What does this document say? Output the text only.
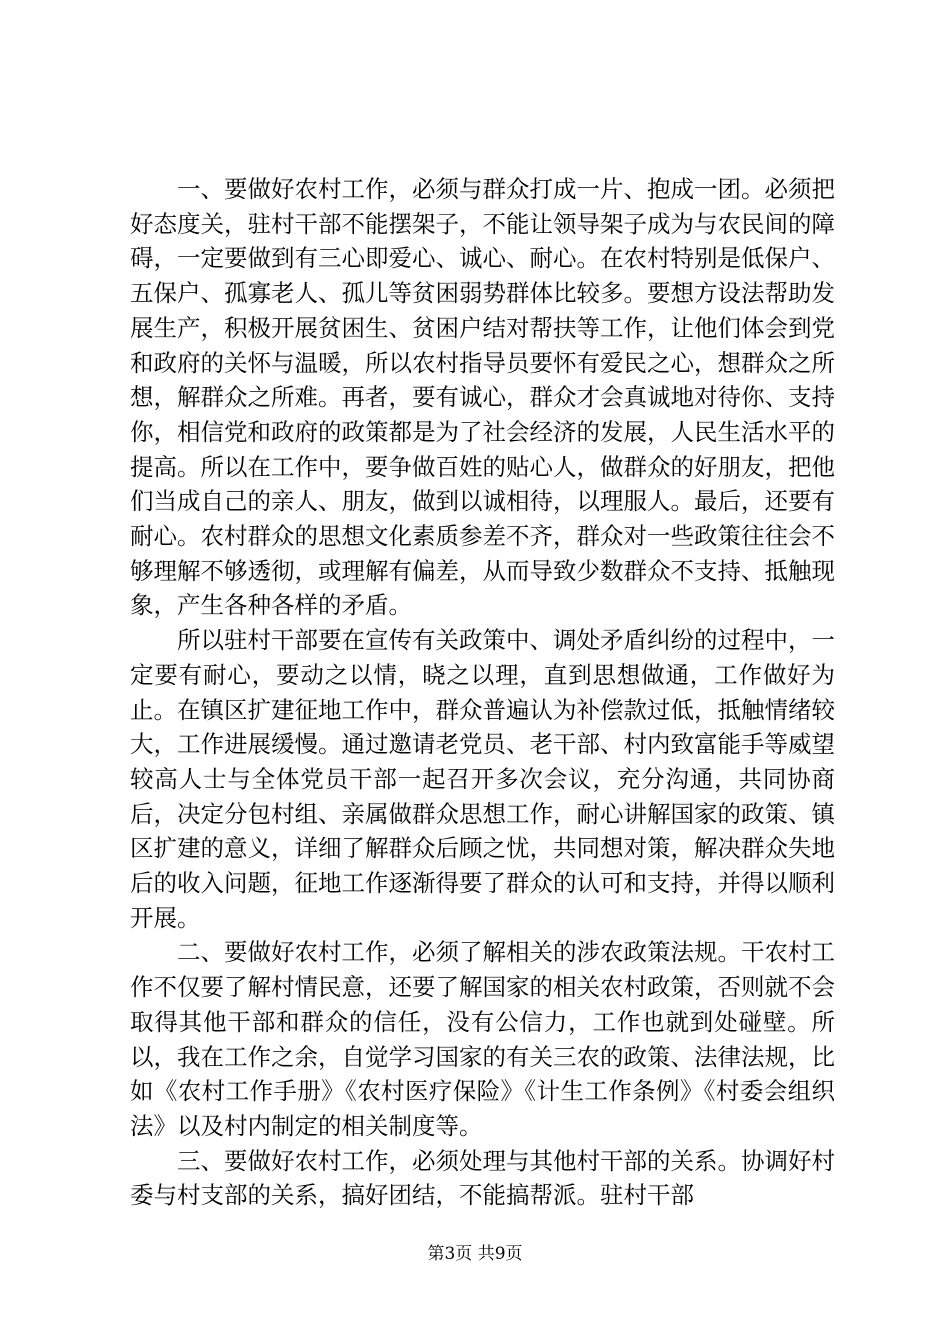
一、要做好农村工作，必须与群众打成一片、抱成一团。必须把好态度关，驻村干部不能摆架子，不能让领导架子成为与农民间的障碍，一定要做到有三心即爱心、诚心、耐心。在农村特别是低保户、五保户、孤寡老人、孤儿等贫困弱势群体比较多。要想方设法帮助发展生产，积极开展贫困生、贫困户结对帮扶等工作，让他们体会到党和政府的关怀与温暖，所以农村指导员要怀有爱民之心，想群众之所想，解群众之所难。再者，要有诚心，群众才会真诚地对待你、支持你，相信党和政府的政策都是为了社会经济的发展，人民生活水平的提高。所以在工作中，要争做百姓的贴心人，做群众的好朋友，把他们当成自己的亲人、朋友，做到以诚相待，以理服人。最后，还要有耐心。农村群众的思想文化素质参差不齐，群众对一些政策往往会不够理解不够透彻，或理解有偏差，从而导致少数群众不支持、抵触现象，产生各种各样的矛盾。

所以驻村干部要在宣传有关政策中、调处矛盾纠纷的过程中，一定要有耐心，要动之以情，晓之以理，直到思想做通，工作做好为止。在镇区扩建征地工作中，群众普遍认为补偿款过低，抵触情绪较大，工作进展缓慢。通过邀请老党员、老干部、村内致富能手等威望较高人士与全体党员干部一起召开多次会议，充分沟通，共同协商后，决定分包村组、亲属做群众思想工作，耐心讲解国家的政策、镇区扩建的意义，详细了解群众后顾之忧，共同想对策，解决群众失地后的收入问题，征地工作逐渐得要了群众的认可和支持，并得以顺利开展。

二、要做好农村工作，必须了解相关的涉农政策法规。干农村工作不仅要了解村情民意，还要了解国家的相关农村政策，否则就不会取得其他干部和群众的信任，没有公信力，工作也就到处碰壁。所以，我在工作之余，自觉学习国家的有关三农的政策、法律法规，比如《农村工作手册》《农村医疗保险》《计生工作条例》《村委会组织法》以及村内制定的相关制度等。

三、要做好农村工作，必须处理与其他村干部的关系。协调好村委与村支部的关系，搞好团结，不能搞帮派。驻村干部

第3页 共9页
